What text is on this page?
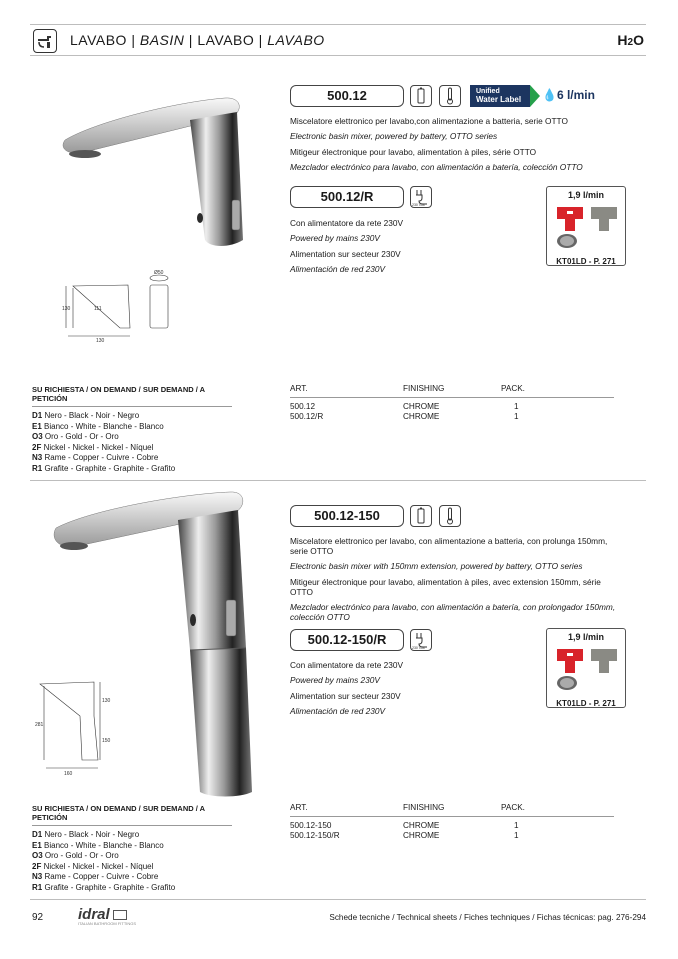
LAVABO | BASIN | LAVABO | LAVABO	H2O
130	111
130
Ø50
500.12	Unified
Water Label	💧6 l/min

Miscelatore elettronico per lavabo,con alimentazione a batteria, serie OTTO

Electronic basin mixer, powered by battery, OTTO series

Mitigeur électronique pour lavabo, alimentation à piles, série OTTO

Mezclador electrónico para lavabo, con alimentación a batería, colección OTTO

500.12/R
230 Volt

Con alimentatore da rete 230V

Powered by mains 230V

Alimentation sur secteur 230V

Alimentación de red 230V

1,9 l/min
KT01LD - P. 271
SU RICHIESTA / ON DEMAND / SUR DEMAND / A PETICIÓN
D1 Nero - Black - Noir - Negro
E1 Bianco - White - Blanche - Blanco
O3 Oro - Gold - Or - Oro
2F Nickel - Nickel - Nickel - Níquel
N3 Rame - Copper - Cuivre - Cobre
R1 Grafite - Graphite - Graphite - Grafito
ART.	FINISHING	PACK.
500.12	CHROME	1
500.12/R	CHROME	1
281
130
150
160
500.12-150

Miscelatore elettronico per lavabo, con alimentazione a batteria, con prolunga 150mm, serie OTTO

Electronic basin mixer with 150mm extension, powered by battery, OTTO series

Mitigeur électronique pour lavabo, alimentation à piles, avec extension 150mm, série OTTO

Mezclador electrónico para lavabo, con alimentación a batería, con prolongador 150mm, colección OTTO

500.12-150/R
230 Volt

Con alimentatore da rete 230V

Powered by mains 230V

Alimentation sur secteur 230V

Alimentación de red 230V

1,9 l/min
KT01LD - P. 271
SU RICHIESTA / ON DEMAND / SUR DEMAND / A PETICIÓN
D1 Nero - Black - Noir - Negro
E1 Bianco - White - Blanche - Blanco
O3 Oro - Gold - Or - Oro
2F Nickel - Nickel - Nickel - Níquel
N3 Rame - Copper - Cuivre - Cobre
R1 Grafite - Graphite - Graphite - Grafito
ART.	FINISHING	PACK.
500.12-150	CHROME	1
500.12-150/R	CHROME	1
92 idral
ITALIAN BATHROOM FITTINGS
Schede tecniche / Technical sheets / Fiches techniques / Fichas técnicas: pag. 276-294
